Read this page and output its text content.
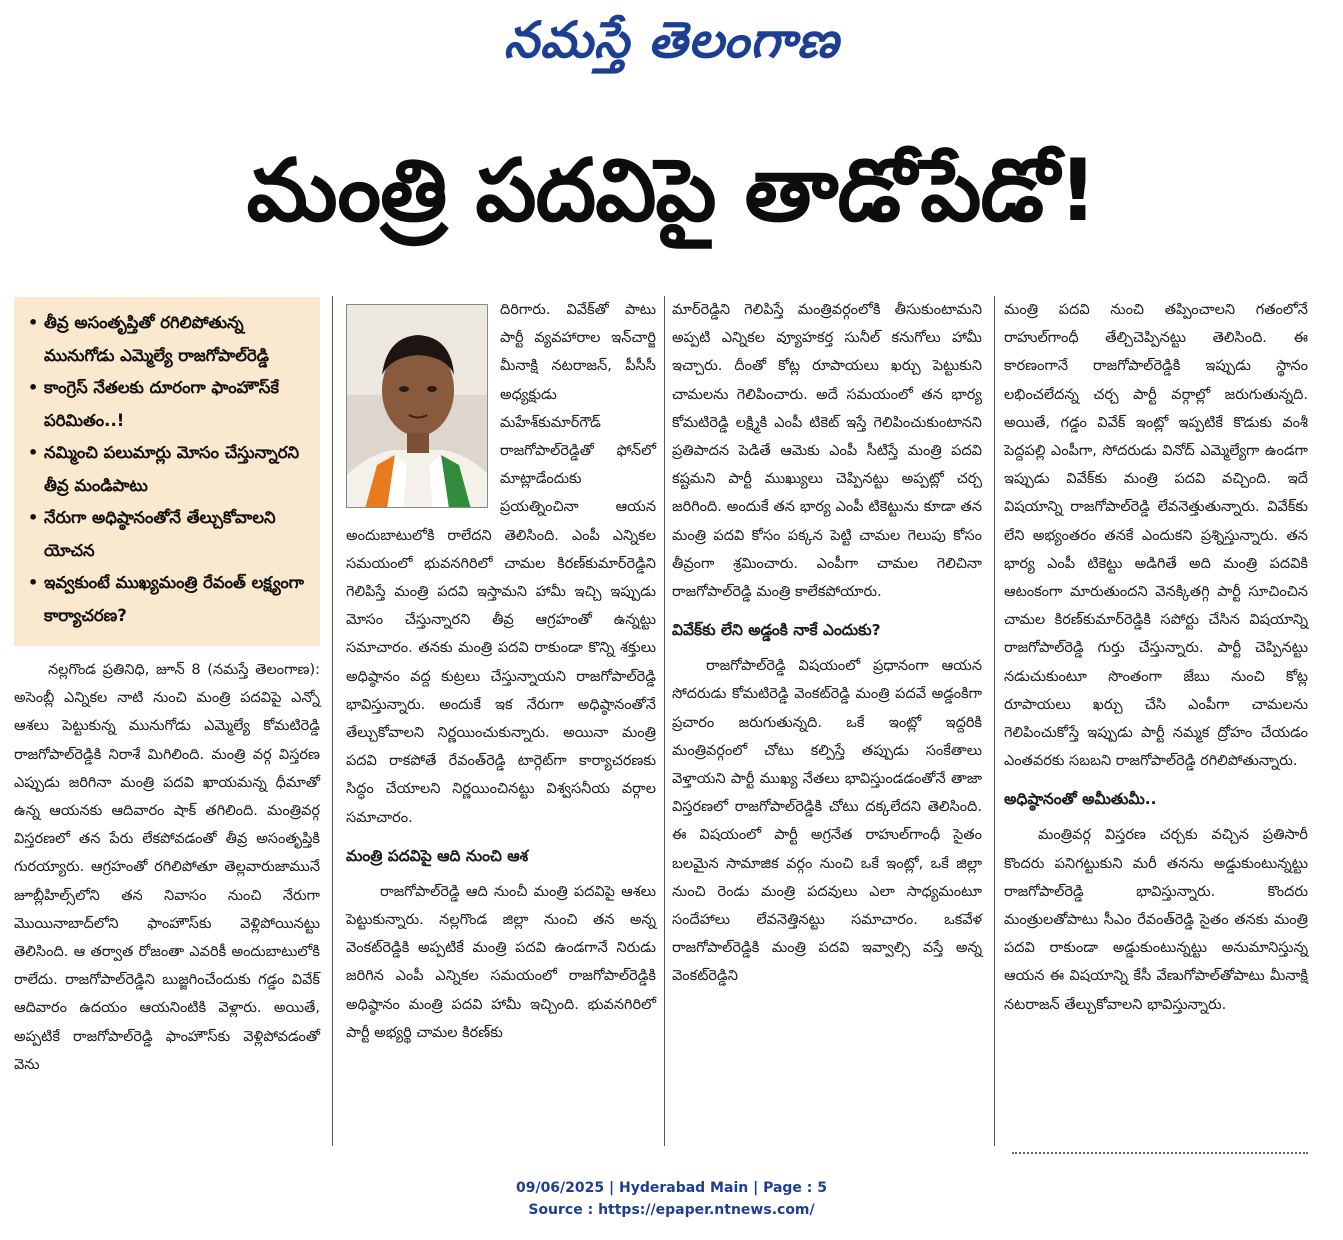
నమస్తే తెలంగాణ
మంత్రి పదవిపై తాడోపేడో!
• తీవ్ర అసంతృప్తితో రగిలిపోతున్న మునుగోడు ఎమ్మెల్యే రాజగోపాల్‌రెడ్డి
• కాంగ్రెస్‌ నేతలకు దూరంగా ఫాంహౌస్‌కే పరిమితం..!
• నమ్మించి పలుమార్లు మోసం చేస్తున్నారని తీవ్ర మండిపాటు
• నేరుగా అధిష్ఠానంతోనే తేల్చుకోవాలని యోచన
• ఇవ్వకుంటే ముఖ్యమంత్రి రేవంత్‌ లక్ష్యంగా కార్యాచరణ?

నల్లగొండ ప్రతినిధి, జూన్‌ 8 (నమస్తే తెలంగాణ): అసెంబ్లీ ఎన్నికల నాటి నుంచి మంత్రి పదవిపై ఎన్నో ఆశలు పెట్టుకున్న మునుగోడు ఎమ్మెల్యే కోమటిరెడ్డి రాజగోపాల్‌రెడ్డికి నిరాశే మిగిలింది. మంత్రి వర్గ విస్తరణ ఎప్పుడు జరిగినా మంత్రి పదవి ఖాయమన్న ధీమాతో ఉన్న ఆయనకు ఆదివారం షాక్‌ తగిలింది. మంత్రివర్గ విస్తరణలో తన పేరు లేకపోవడంతో తీవ్ర అసంతృప్తికి గురయ్యారు. ఆగ్రహంతో రగిలిపోతూ తెల్లవారుజామునే జూబ్లీహిల్స్‌లోని తన నివాసం నుంచి నేరుగా మొయినాబాద్‌లోని ఫాంహౌస్‌కు వెళ్లిపోయినట్టు తెలిసింది. ఆ తర్వాత రోజంతా ఎవరికీ అందుబాటులోకి రాలేదు. రాజగోపాల్‌రెడ్డిని బుజ్జగించేందుకు గడ్డం వివేక్‌ ఆదివారం ఉదయం ఆయనింటికి వెళ్లారు. అయితే, అప్పటికే రాజగోపాల్‌రెడ్డి ఫాంహౌస్‌కు వెళ్లిపోవడంతో వెను

దిరిగారు. వివేక్‌తో పాటు పార్టీ వ్యవహారాల ఇన్‌చార్జి మీనాక్షి నటరాజన్‌, పీసీసీ అధ్యక్షుడు మహేశ్‌కుమార్‌గౌడ్‌ రాజగోపాల్‌రెడ్డితో ఫోన్‌లో మాట్లాడేందుకు

ప్రయత్నించినా ఆయన అందుబాటులోకి రాలేదని తెలిసింది. ఎంపీ ఎన్నికల సమయంలో భువనగిరిలో చామల కిరణ్‌కుమార్‌రెడ్డిని గెలిపిస్తే మంత్రి పదవి ఇస్తామని హామీ ఇచ్చి ఇప్పుడు మోసం చేస్తున్నారని తీవ్ర ఆగ్రహంతో ఉన్నట్టు సమాచారం. తనకు మంత్రి పదవి రాకుండా కొన్ని శక్తులు అధిష్ఠానం వద్ద కుట్రలు చేస్తున్నాయని రాజగోపాల్‌రెడ్డి భావిస్తున్నారు. అందుకే ఇక నేరుగా అధిష్ఠానంతోనే తేల్చుకోవాలని నిర్ణయించుకున్నారు. అయినా మంత్రి పదవి రాకపోతే రేవంత్‌రెడ్డి టార్గెట్‌గా కార్యాచరణకు సిద్ధం చేయాలని నిర్ణయించినట్టు విశ్వసనీయ వర్గాల సమాచారం.

మంత్రి పదవిపై ఆది నుంచి ఆశ

రాజగోపాల్‌రెడ్డి ఆది నుంచీ మంత్రి పదవిపై ఆశలు పెట్టుకున్నారు. నల్లగొండ జిల్లా నుంచి తన అన్న వెంకట్‌రెడ్డికి అప్పటికే మంత్రి పదవి ఉండగానే నిరుడు జరిగిన ఎంపీ ఎన్నికల సమయంలో రాజగోపాల్‌రెడ్డికి అధిష్ఠానం మంత్రి పదవి హామీ ఇచ్చింది. భువనగిరిలో పార్టీ అభ్యర్థి చామల కిరణ్‌కు

మార్‌రెడ్డిని గెలిపిస్తే మంత్రివర్గంలోకి తీసుకుంటామని అప్పటి ఎన్నికల వ్యూహకర్త సునీల్‌ కనుగోలు హామీ ఇచ్చారు. దీంతో కోట్ల రూపాయలు ఖర్చు పెట్టుకుని చామలను గెలిపించారు. అదే సమయంలో తన భార్య కోమటిరెడ్డి లక్ష్మికి ఎంపీ టికెట్‌ ఇస్తే గెలిపించుకుంటానని ప్రతిపాదన పెడితే ఆమెకు ఎంపీ సీటిస్తే మంత్రి పదవి కష్టమని పార్టీ ముఖ్యులు చెప్పినట్టు అప్పట్లో చర్చ జరిగింది. అందుకే తన భార్య ఎంపీ టికెట్టును కూడా తన మంత్రి పదవి కోసం పక్కన పెట్టి చామల గెలుపు కోసం తీవ్రంగా శ్రమించారు. ఎంపీగా చామల గెలిచినా రాజగోపాల్‌రెడ్డి మంత్రి కాలేకపోయారు.

వివేక్‌కు లేని అడ్డంకి నాకే ఎందుకు?

రాజగోపాల్‌రెడ్డి విషయంలో ప్రధానంగా ఆయన సోదరుడు కోమటిరెడ్డి వెంకట్‌రెడ్డి మంత్రి పదవే అడ్డంకిగా ప్రచారం జరుగుతున్నది. ఒకే ఇంట్లో ఇద్దరికి మంత్రివర్గంలో చోటు కల్పిస్తే తప్పుడు సంకేతాలు వెళ్తాయని పార్టీ ముఖ్య నేతలు భావిస్తుండడంతోనే తాజా విస్తరణలో రాజగోపాల్‌రెడ్డికి చోటు దక్కలేదని తెలిసింది. ఈ విషయంలో పార్టీ అగ్రనేత రాహుల్‌గాంధీ సైతం బలమైన సామాజిక వర్గం నుంచి ఒకే ఇంట్లో, ఒకే జిల్లా నుంచి రెండు మంత్రి పదవులు ఎలా సాధ్యమంటూ సందేహాలు లేవనెత్తినట్టు సమాచారం. ఒకవేళ రాజగోపాల్‌రెడ్డికి మంత్రి పదవి ఇవ్వాల్సి వస్తే అన్న వెంకట్‌రెడ్డిని

మంత్రి పదవి నుంచి తప్పించాలని గతంలోనే రాహుల్‌గాంధీ తేల్చిచెప్పినట్టు తెలిసింది. ఈ కారణంగానే రాజగోపాల్‌రెడ్డికి ఇప్పుడు స్థానం లభించలేదన్న చర్చ పార్టీ వర్గాల్లో జరుగుతున్నది. అయితే, గడ్డం వివేక్‌ ఇంట్లో ఇప్పటికే కొడుకు వంశీ పెద్దపల్లి ఎంపీగా, సోదరుడు వినోద్‌ ఎమ్మెల్యేగా ఉండగా ఇప్పుడు వివేక్‌కు మంత్రి పదవి వచ్చింది. ఇదే విషయాన్ని రాజగోపాల్‌రెడ్డి లేవనెత్తుతున్నారు. వివేక్‌కు లేని అభ్యంతరం తనకే ఎందుకని ప్రశ్నిస్తున్నారు. తన భార్య ఎంపీ టికెట్టు అడిగితే అది మంత్రి పదవికి ఆటంకంగా మారుతుందని వెనక్కితగ్గి పార్టీ సూచించిన చామల కిరణ్‌కుమార్‌రెడ్డికి సపోర్టు చేసిన విషయాన్ని రాజగోపాల్‌రెడ్డి గుర్తు చేస్తున్నారు. పార్టీ చెప్పినట్టు నడుచుకుంటూ సొంతంగా జేబు నుంచి కోట్ల రూపాయలు ఖర్చు చేసి ఎంపీగా చామలను గెలిపించుకోస్తే ఇప్పుడు పార్టీ నమ్మక ద్రోహం చేయడం ఎంతవరకు సబబని రాజగోపాల్‌రెడ్డి రగిలిపోతున్నారు.

అధిష్ఠానంతో అమీతుమీ..

మంత్రివర్గ విస్తరణ చర్చకు వచ్చిన ప్రతిసారీ కొందరు పనిగట్టుకుని మరీ తనను అడ్డుకుంటున్నట్టు రాజగోపాల్‌రెడ్డి భావిస్తున్నారు. కొందరు మంత్రులతోపాటు సీఎం రేవంత్‌రెడ్డి సైతం తనకు మంత్రి పదవి రాకుండా అడ్డుకుంటున్నట్టు అనుమానిస్తున్న ఆయన ఈ విషయాన్ని కేసీ వేణుగోపాల్‌తోపాటు మీనాక్షి నటరాజన్‌ తేల్చుకోవాలని భావిస్తున్నారు.

09/06/2025 | Hyderabad Main | Page : 5
Source : https://epaper.ntnews.com/
